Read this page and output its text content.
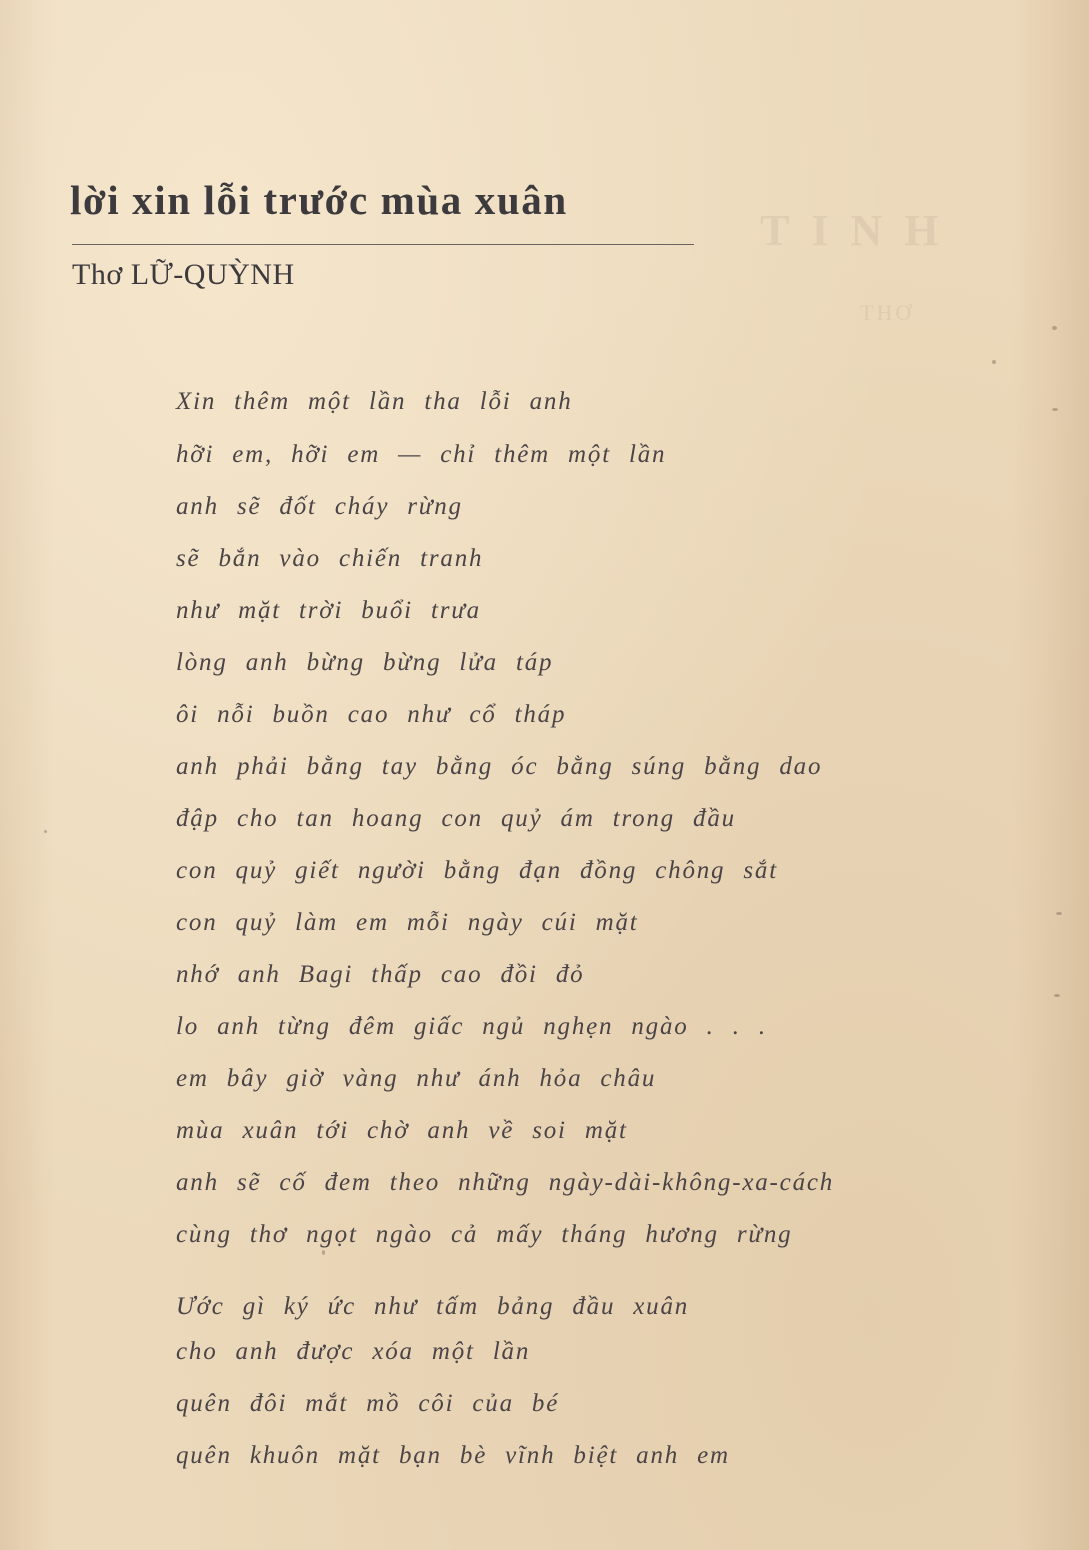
TINH
THƠ
lời xin lỗi trước mùa xuân

Thơ LỮ-QUỲNH

Xin thêm một lần tha lỗi anh

hỡi em, hỡi em — chỉ thêm một lần

anh sẽ đốt cháy rừng

sẽ bắn vào chiến tranh

như mặt trời buổi trưa

lòng anh bừng bừng lửa táp

ôi nỗi buồn cao như cổ tháp

anh phải bằng tay bằng óc bằng súng bằng dao

đập cho tan hoang con quỷ ám trong đầu

con quỷ giết người bằng đạn đồng chông sắt

con quỷ làm em mỗi ngày cúi mặt

nhớ anh Bagi thấp cao đồi đỏ

lo anh từng đêm giấc ngủ nghẹn ngào . . .

em bây giờ vàng như ánh hỏa châu

mùa xuân tới chờ anh về soi mặt

anh sẽ cố đem theo những ngày-dài-không-xa-cách

cùng thơ ngọt ngào cả mấy tháng hương rừng

Ước gì ký ức như tấm bảng đầu xuân

cho anh được xóa một lần

quên đôi mắt mồ côi của bé

quên khuôn mặt bạn bè vĩnh biệt anh em
